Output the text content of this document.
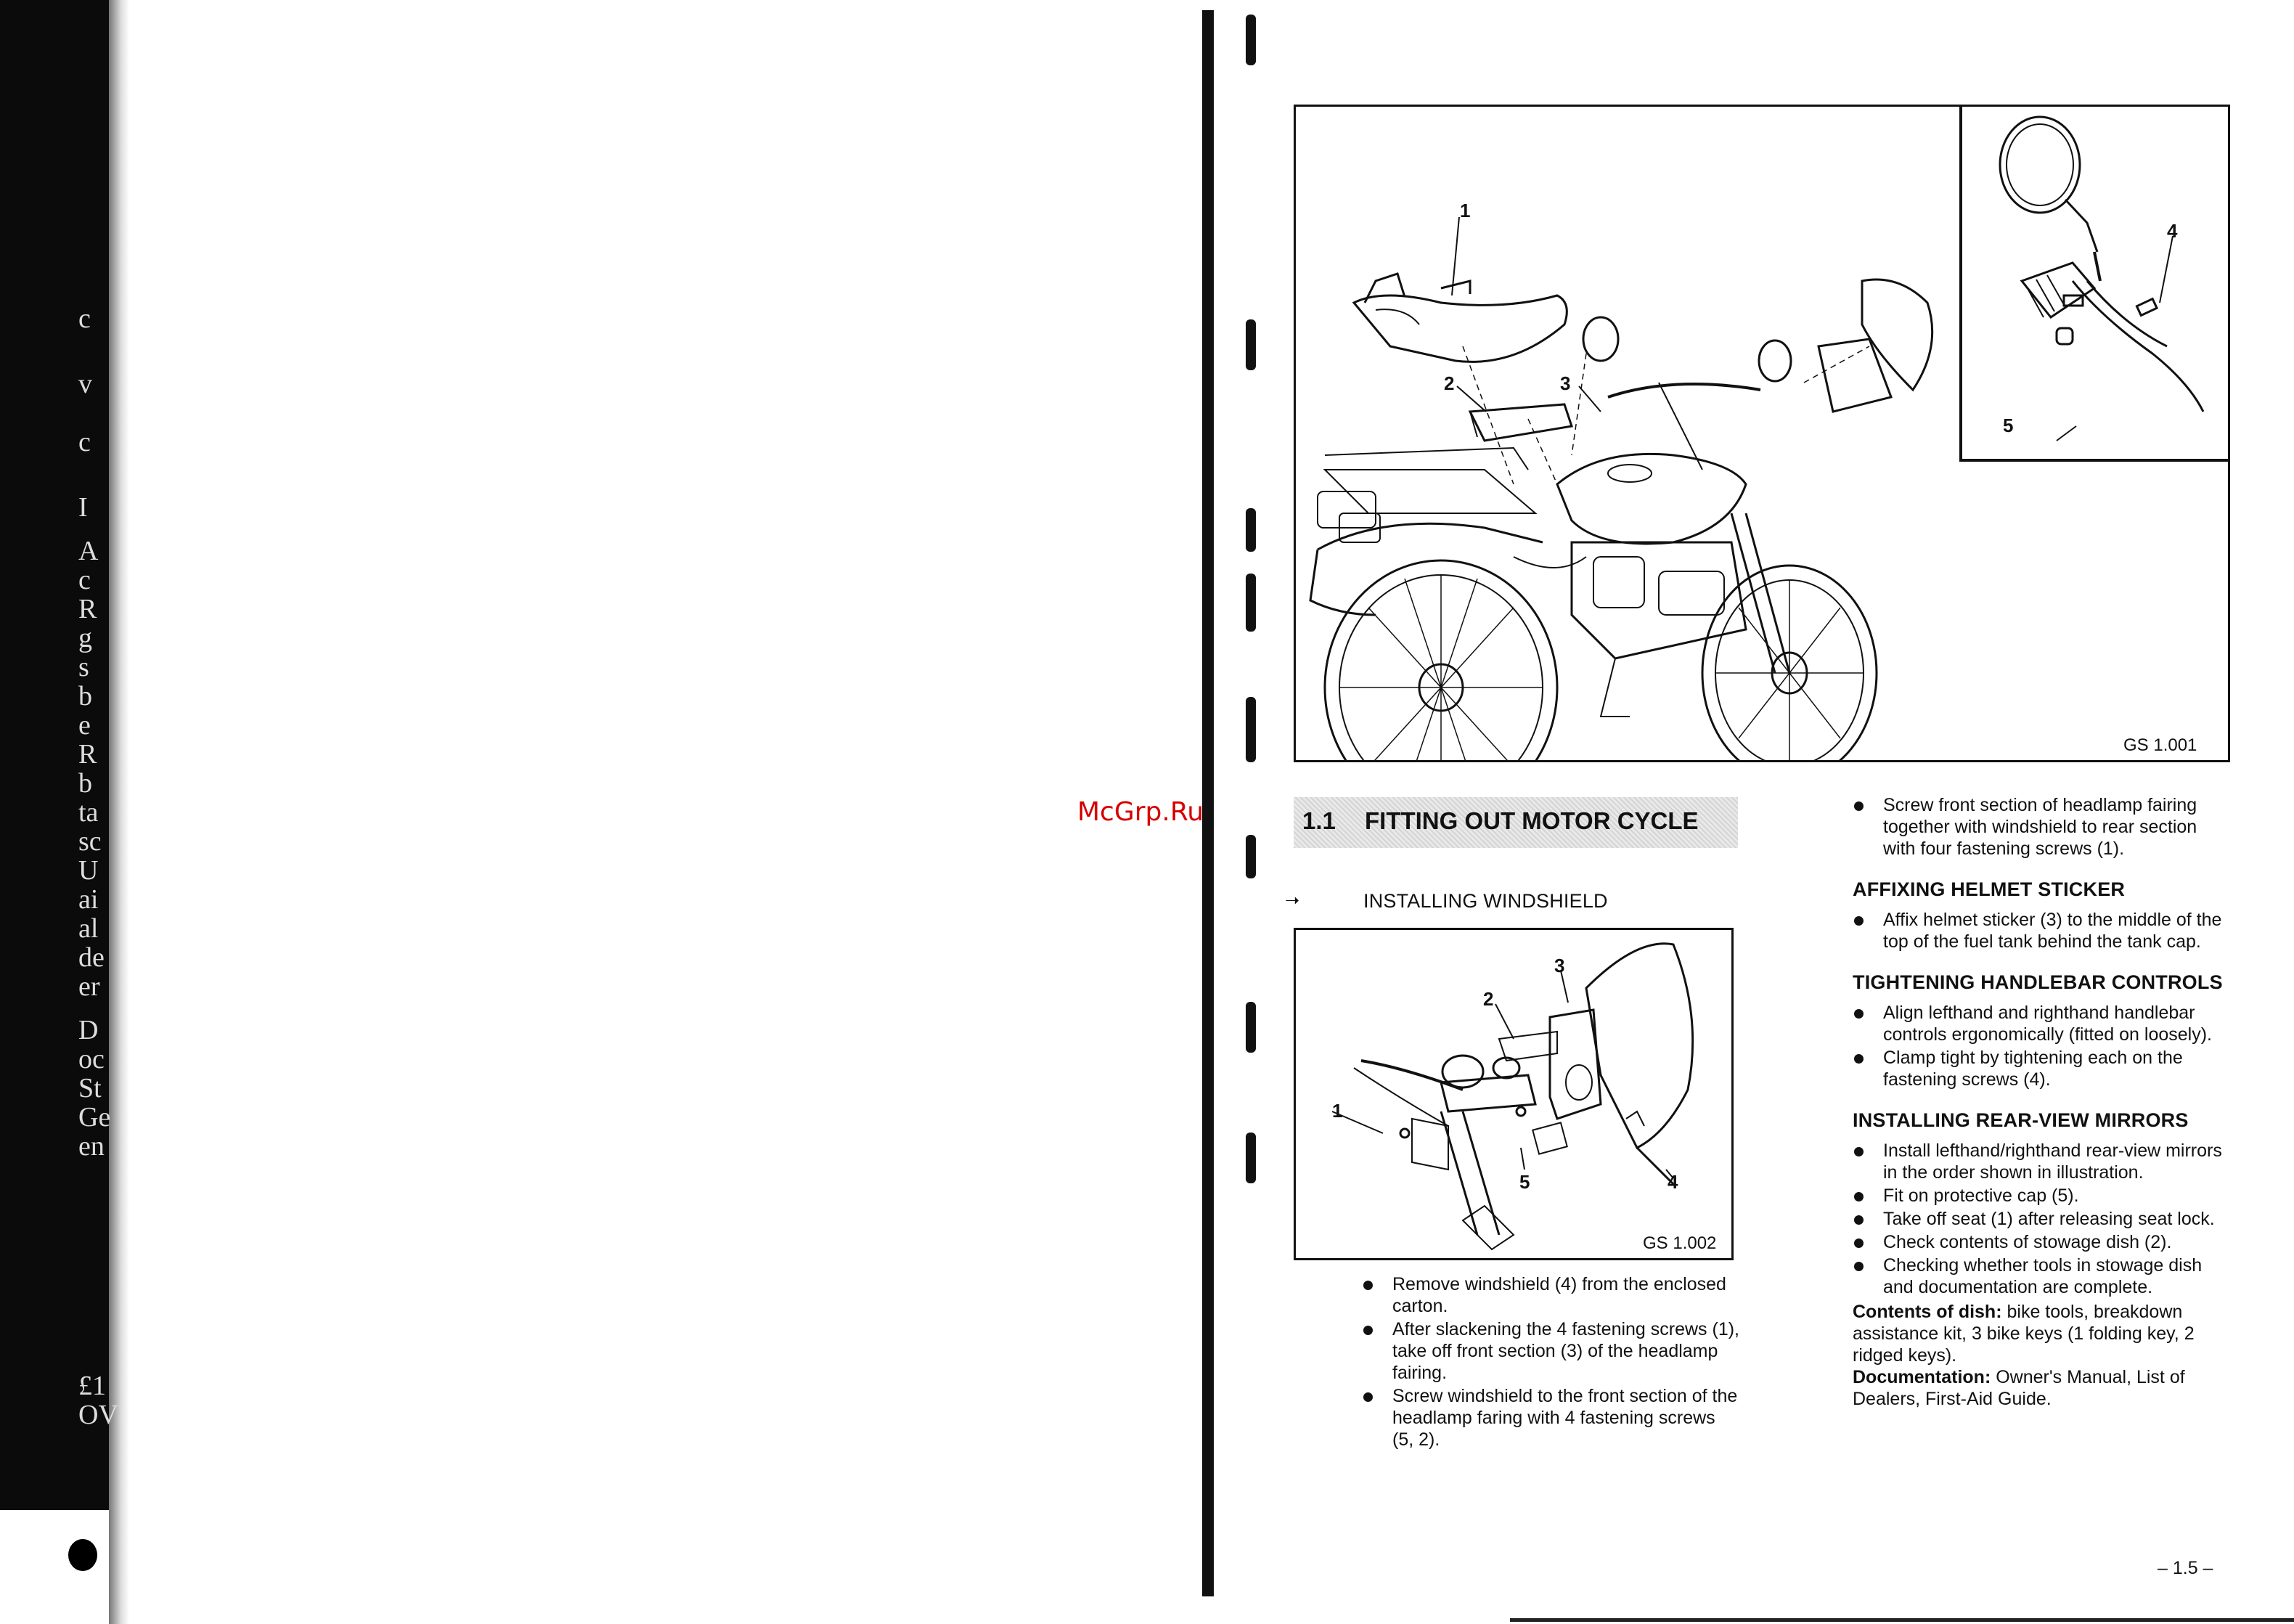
c
v
c
I
A
c
R
g
s
b
e
R
b
ta
sc
U
ai
al
de
er
D
oc
St
Ge
en
£1
OV
McGrp.Ru
1
2	3
4
5
GS 1.001
1.1 FITTING OUT MOTOR CYCLE
➝	INSTALLING WINDSHIELD
1
2
3
4
5
GS 1.002
Remove windshield (4) from the enclosed carton.
After slackening the 4 fastening screws (1), take off front section (3) of the headlamp fairing.
Screw windshield to the front section of the headlamp faring with 4 fastening screws (5, 2).
Screw front section of headlamp fairing together with windshield to rear section with four fastening screws (1).
AFFIXING HELMET STICKER
Affix helmet sticker (3) to the middle of the top of the fuel tank behind the tank cap.
TIGHTENING HANDLEBAR CONTROLS
Align lefthand and righthand handlebar controls ergonomically (fitted on loosely).
Clamp tight by tightening each on the fastening screws (4).
INSTALLING REAR-VIEW MIRRORS
Install lefthand/righthand rear-view mirrors in the order shown in illustration.
Fit on protective cap (5).
Take off seat (1) after releasing seat lock.
Check contents of stowage dish (2).
Checking whether tools in stowage dish and documentation are complete.
Contents of dish: bike tools, breakdown assistance kit, 3 bike keys (1 folding key, 2 ridged keys).
Documentation: Owner's Manual, List of Dealers, First-Aid Guide.
– 1.5 –
